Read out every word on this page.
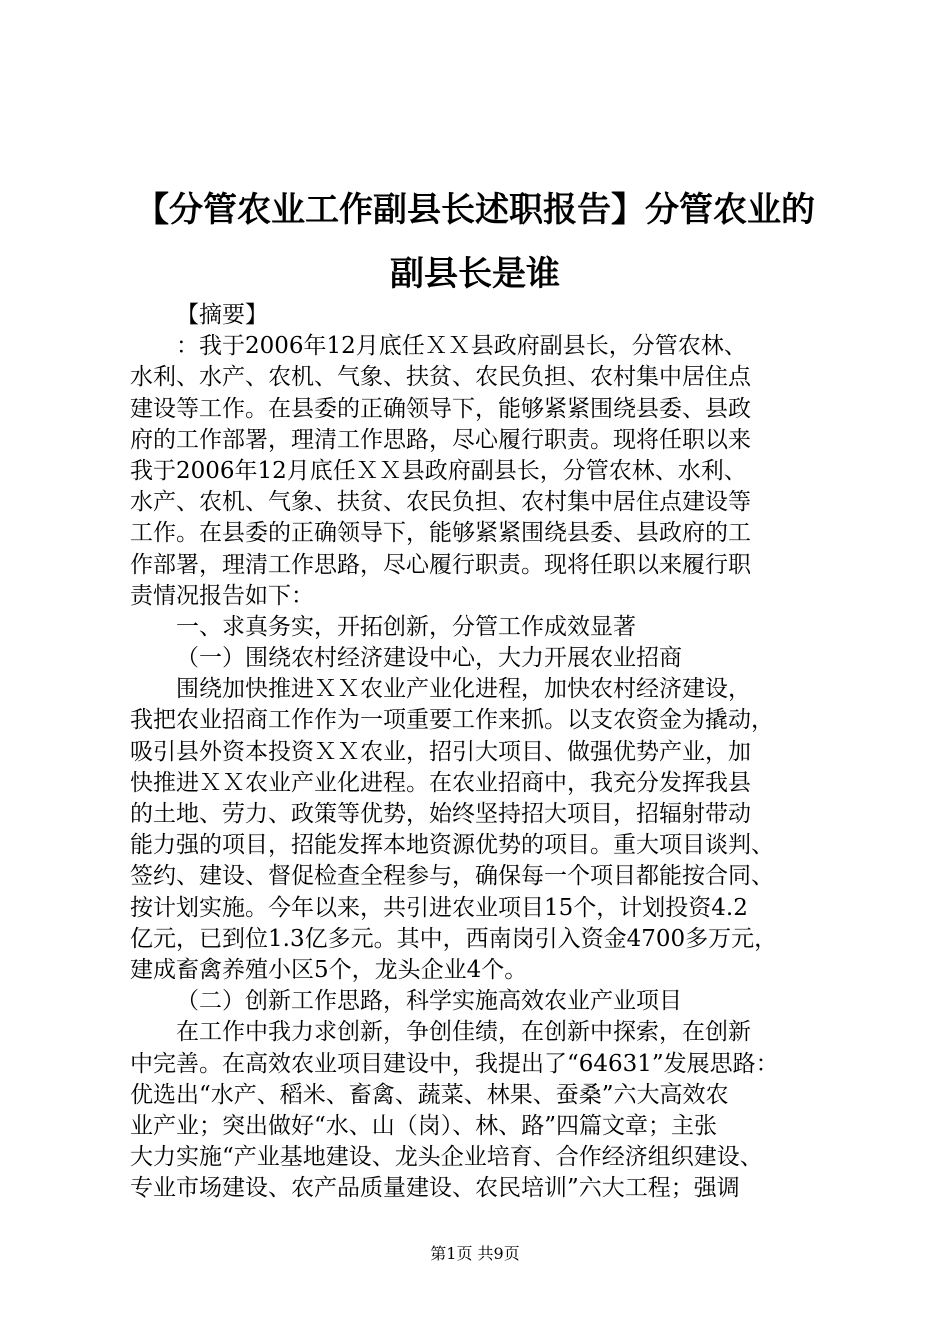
【分管农业工作副县长述职报告】分管农业的
副县长是谁
【摘要】
：我于2006年12月底任ＸＸ县政府副县长，分管农林、
水利、水产、农机、气象、扶贫、农民负担、农村集中居住点
建设等工作。在县委的正确领导下，能够紧紧围绕县委、县政
府的工作部署，理清工作思路，尽心履行职责。现将任职以来
我于2006年12月底任ＸＸ县政府副县长，分管农林、水利、
水产、农机、气象、扶贫、农民负担、农村集中居住点建设等
工作。在县委的正确领导下，能够紧紧围绕县委、县政府的工
作部署，理清工作思路，尽心履行职责。现将任职以来履行职
责情况报告如下：
一、求真务实，开拓创新，分管工作成效显著
（一）围绕农村经济建设中心，大力开展农业招商
围绕加快推进ＸＸ农业产业化进程，加快农村经济建设，
我把农业招商工作作为一项重要工作来抓。以支农资金为撬动，
吸引县外资本投资ＸＸ农业，招引大项目、做强优势产业，加
快推进ＸＸ农业产业化进程。在农业招商中，我充分发挥我县
的土地、劳力、政策等优势，始终坚持招大项目，招辐射带动
能力强的项目，招能发挥本地资源优势的项目。重大项目谈判、
签约、建设、督促检查全程参与，确保每一个项目都能按合同、
按计划实施。今年以来，共引进农业项目15个，计划投资4.2
亿元，已到位1.3亿多元。其中，西南岗引入资金4700多万元，
建成畜禽养殖小区5个，龙头企业4个。
（二）创新工作思路，科学实施高效农业产业项目
在工作中我力求创新，争创佳绩，在创新中探索，在创新
中完善。在高效农业项目建设中，我提出了“64631”发展思路：
优选出“水产、稻米、畜禽、蔬菜、林果、蚕桑”六大高效农
业产业；突出做好“水、山（岗）、林、路”四篇文章；主张
大力实施“产业基地建设、龙头企业培育、合作经济组织建设、
专业市场建设、农产品质量建设、农民培训”六大工程；强调
第1页 共9页
